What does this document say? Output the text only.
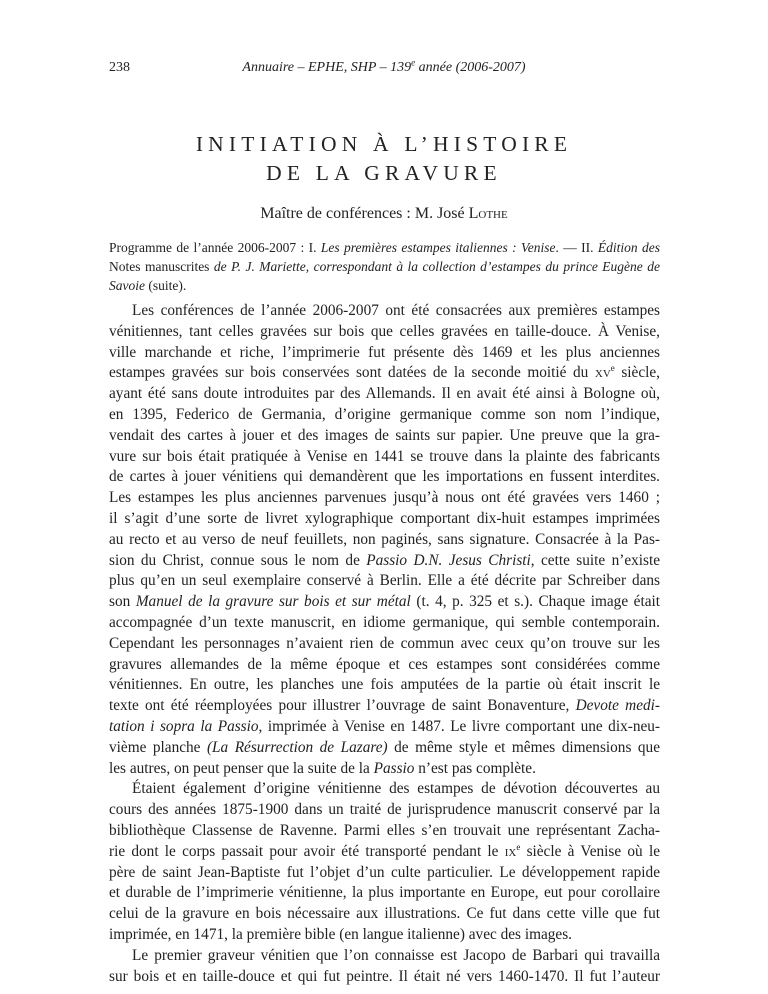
238	Annuaire – EPHE, SHP – 139e année (2006-2007)
INITIATION À L’HISTOIRE
DE LA GRAVURE
Maître de conférences : M. José Lothe
Programme de l’année 2006-2007 : I. Les premières estampes italiennes : Venise. — II. Édition des Notes manuscrites de P. J. Mariette, correspondant à la collection d’estampes du prince Eugène de Savoie (suite).
Les conférences de l’année 2006-2007 ont été consacrées aux premières estampes
vénitiennes, tant celles gravées sur bois que celles gravées en taille-douce. À Venise,
ville marchande et riche, l’imprimerie fut présente dès 1469 et les plus anciennes
estampes gravées sur bois conservées sont datées de la seconde moitié du $xv^e$ siècle,
ayant été sans doute introduites par des Allemands. Il en avait été ainsi à Bologne où,
en 1395, Federico de Germania, d’origine germanique comme son nom l’indique,
vendait des cartes à jouer et des images de saints sur papier. Une preuve que la gra-
vure sur bois était pratiquée à Venise en 1441 se trouve dans la plainte des fabricants
de cartes à jouer vénitiens qui demandèrent que les importations en fussent interdites.
Les estampes les plus anciennes parvenues jusqu’à nous ont été gravées vers 1460 ;
il s’agit d’une sorte de livret xylographique comportant dix-huit estampes imprimées
au recto et au verso de neuf feuillets, non paginés, sans signature. Consacrée à la Pas-
sion du Christ, connue sous le nom de Passio D.N. Jesus Christi, cette suite n’existe
plus qu’en un seul exemplaire conservé à Berlin. Elle a été décrite par Schreiber dans
son Manuel de la gravure sur bois et sur métal (t. 4, p. 325 et s.). Chaque image était
accompagnée d’un texte manuscrit, en idiome germanique, qui semble contemporain.
Cependant les personnages n’avaient rien de commun avec ceux qu’on trouve sur les
gravures allemandes de la même époque et ces estampes sont considérées comme
vénitiennes. En outre, les planches une fois amputées de la partie où était inscrit le
texte ont été réemployées pour illustrer l’ouvrage de saint Bonaventure, Devote medi-
tation i sopra la Passio, imprimée à Venise en 1487. Le livre comportant une dix-neu-
vième planche (La Résurrection de Lazare) de même style et mêmes dimensions que
les autres, on peut penser que la suite de la Passio n’est pas complète.
Étaient également d’origine vénitienne des estampes de dévotion découvertes au
cours des années 1875-1900 dans un traité de jurisprudence manuscrit conservé par la
bibliothèque Classense de Ravenne. Parmi elles s’en trouvait une représentant Zacha-
rie dont le corps passait pour avoir été transporté pendant le $ix^e$ siècle à Venise où le
père de saint Jean-Baptiste fut l’objet d’un culte particulier. Le développement rapide
et durable de l’imprimerie vénitienne, la plus importante en Europe, eut pour corollaire
celui de la gravure en bois nécessaire aux illustrations. Ce fut dans cette ville que fut
imprimée, en 1471, la première bible (en langue italienne) avec des images.
Le premier graveur vénitien que l’on connaisse est Jacopo de Barbari qui travailla
sur bois et en taille-douce et qui fut peintre. Il était né vers 1460-1470. Il fut l’auteur
